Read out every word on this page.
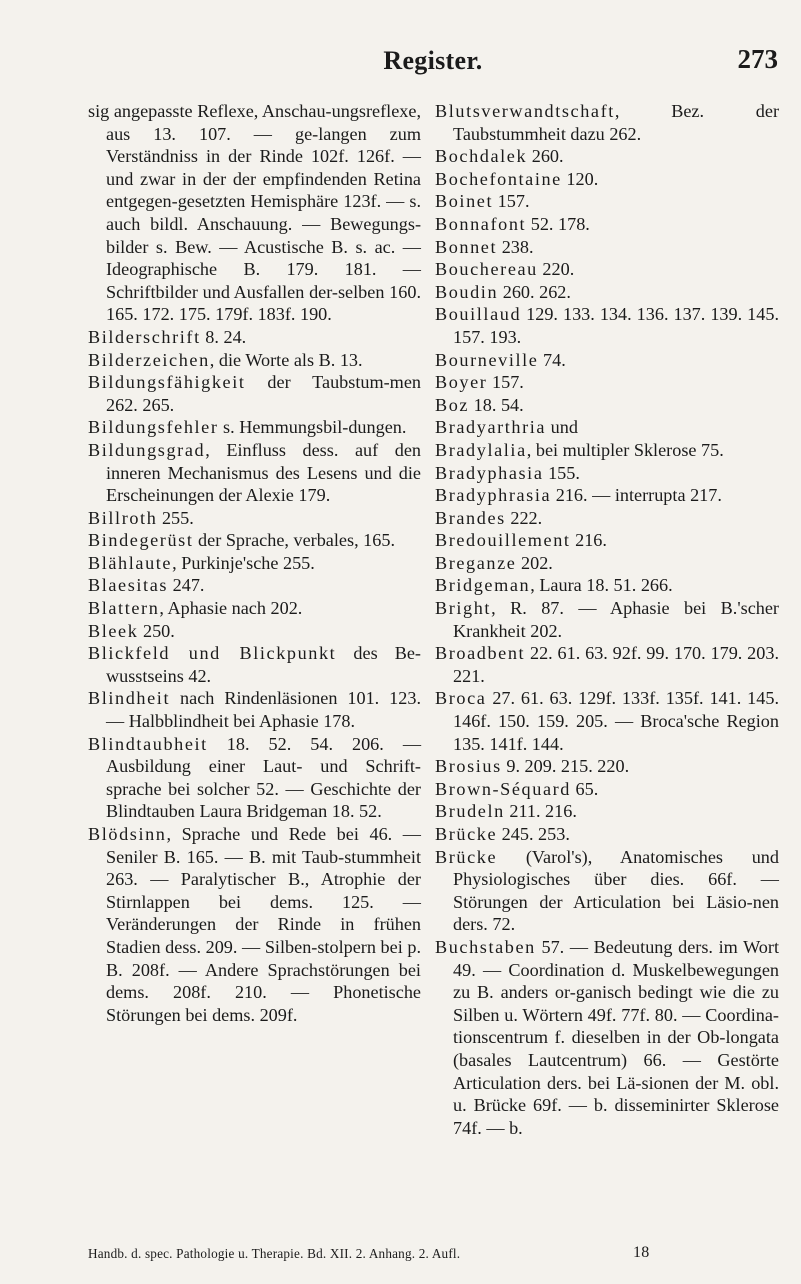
Register.	273

sig angepasste Reflexe, Anschau-ungsreflexe, aus 13. 107. — ge-langen zum Verständniss in der Rinde 102f. 126f. — und zwar in der der empfindenden Retina entgegen-gesetzten Hemisphäre 123f. — s. auch bildl. Anschauung. — Bewegungs-bilder s. Bew. — Acustische B. s. ac. — Ideographische B. 179. 181. — Schriftbilder und Ausfallen der-selben 160. 165. 172. 175. 179f. 183f. 190.

Bilderschrift 8. 24.

Bilderzeichen, die Worte als B. 13.

Bildungsfähigkeit der Taubstum-men 262. 265.

Bildungsfehler s. Hemmungsbil-dungen.

Bildungsgrad, Einfluss dess. auf den inneren Mechanismus des Lesens und die Erscheinungen der Alexie 179.

Billroth 255.

Bindegerüst der Sprache, verbales, 165.

Blählaute, Purkinje'sche 255.

Blaesitas 247.

Blattern, Aphasie nach 202.

Bleek 250.

Blickfeld und Blickpunkt des Be-wusstseins 42.

Blindheit nach Rindenläsionen 101. 123. — Halbblindheit bei Aphasie 178.

Blindtaubheit 18. 52. 54. 206. — Ausbildung einer Laut- und Schrift-sprache bei solcher 52. — Geschichte der Blindtauben Laura Bridgeman 18. 52.

Blödsinn, Sprache und Rede bei 46. — Seniler B. 165. — B. mit Taub-stummheit 263. — Paralytischer B., Atrophie der Stirnlappen bei dems. 125. — Veränderungen der Rinde in frühen Stadien dess. 209. — Silben-stolpern bei p. B. 208f. — Andere Sprachstörungen bei dems. 208f. 210. — Phonetische Störungen bei dems. 209f.

Blutsverwandtschaft, Bez. der Taubstummheit dazu 262.

Bochdalek 260.

Bochefontaine 120.

Boinet 157.

Bonnafont 52. 178.

Bonnet 238.

Bouchereau 220.

Boudin 260. 262.

Bouillaud 129. 133. 134. 136. 137. 139. 145. 157. 193.

Bourneville 74.

Boyer 157.

Boz 18. 54.

Bradyarthria und

Bradylalia, bei multipler Sklerose 75.

Bradyphasia 155.

Bradyphrasia 216. — interrupta 217.

Brandes 222.

Bredouillement 216.

Breganze 202.

Bridgeman, Laura 18. 51. 266.

Bright, R. 87. — Aphasie bei B.'scher Krankheit 202.

Broadbent 22. 61. 63. 92f. 99. 170. 179. 203. 221.

Broca 27. 61. 63. 129f. 133f. 135f. 141. 145. 146f. 150. 159. 205. — Broca'sche Region 135. 141f. 144.

Brosius 9. 209. 215. 220.

Brown-Séquard 65.

Brudeln 211. 216.

Brücke 245. 253.

Brücke (Varol's), Anatomisches und Physiologisches über dies. 66f. — Störungen der Articulation bei Läsio-nen ders. 72.

Buchstaben 57. — Bedeutung ders. im Wort 49. — Coordination d. Muskelbewegungen zu B. anders or-ganisch bedingt wie die zu Silben u. Wörtern 49f. 77f. 80. — Coordina-tionscentrum f. dieselben in der Ob-longata (basales Lautcentrum) 66. — Gestörte Articulation ders. bei Lä-sionen der M. obl. u. Brücke 69f. — b. disseminirter Sklerose 74f. — b.

Handb. d. spec. Pathologie u. Therapie. Bd. XII. 2. Anhang. 2. Aufl.	18
